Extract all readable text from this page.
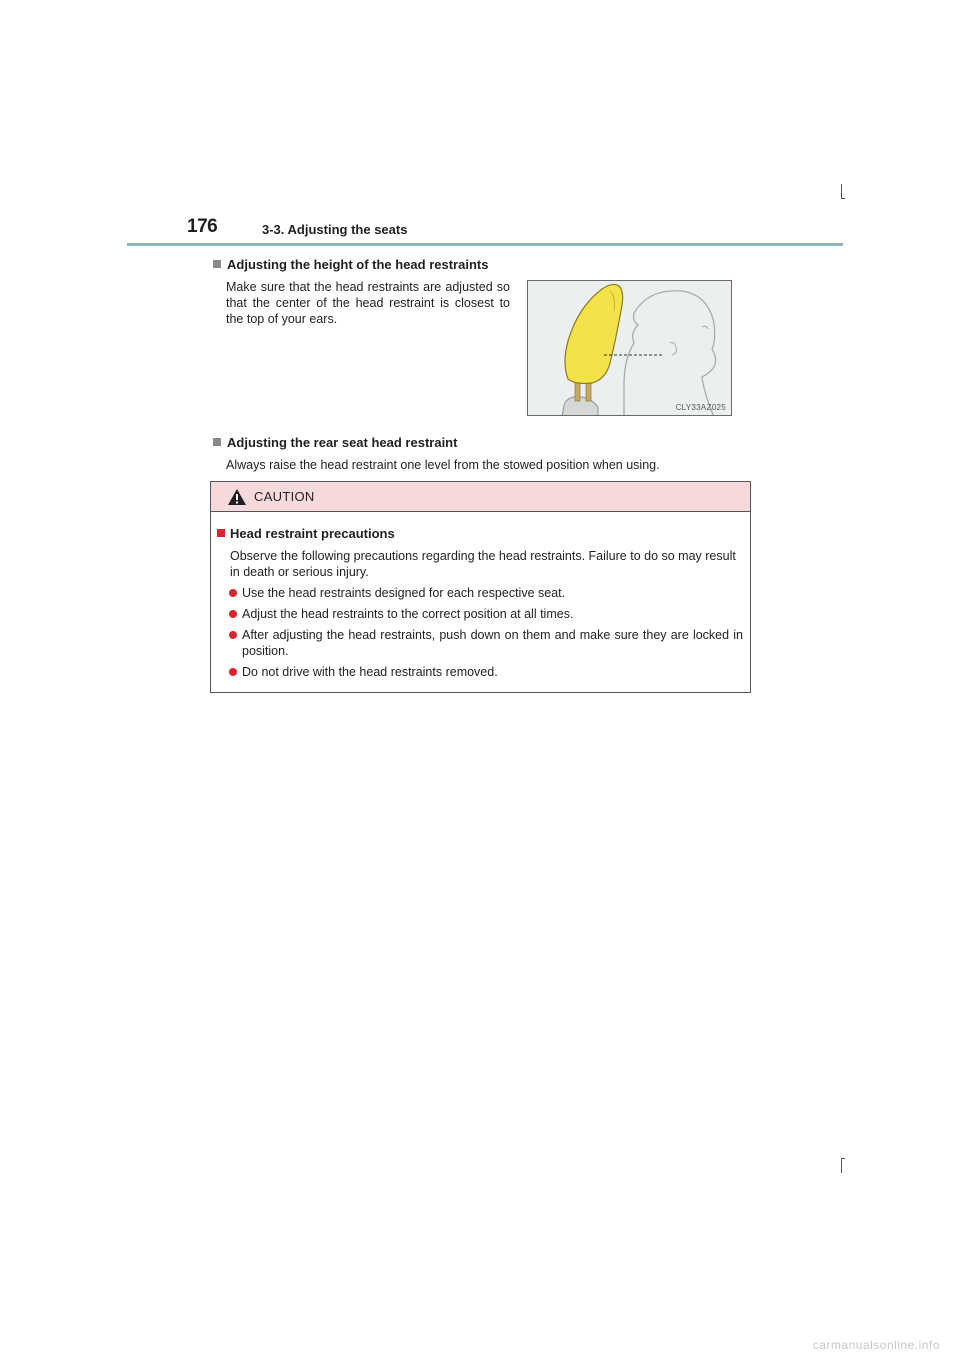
176	3-3. Adjusting the seats
Adjusting the height of the head restraints
Make sure that the head restraints are adjusted so that the center of the head restraint is closest to the top of your ears.
CLY33AZ025
Adjusting the rear seat head restraint
Always raise the head restraint one level from the stowed position when using.
CAUTION
Head restraint precautions
Observe the following precautions regarding the head restraints. Failure to do so may result in death or serious injury.
Use the head restraints designed for each respective seat.
Adjust the head restraints to the correct position at all times.
After adjusting the head restraints, push down on them and make sure they are locked in position.
Do not drive with the head restraints removed.
carmanualsonline.info
